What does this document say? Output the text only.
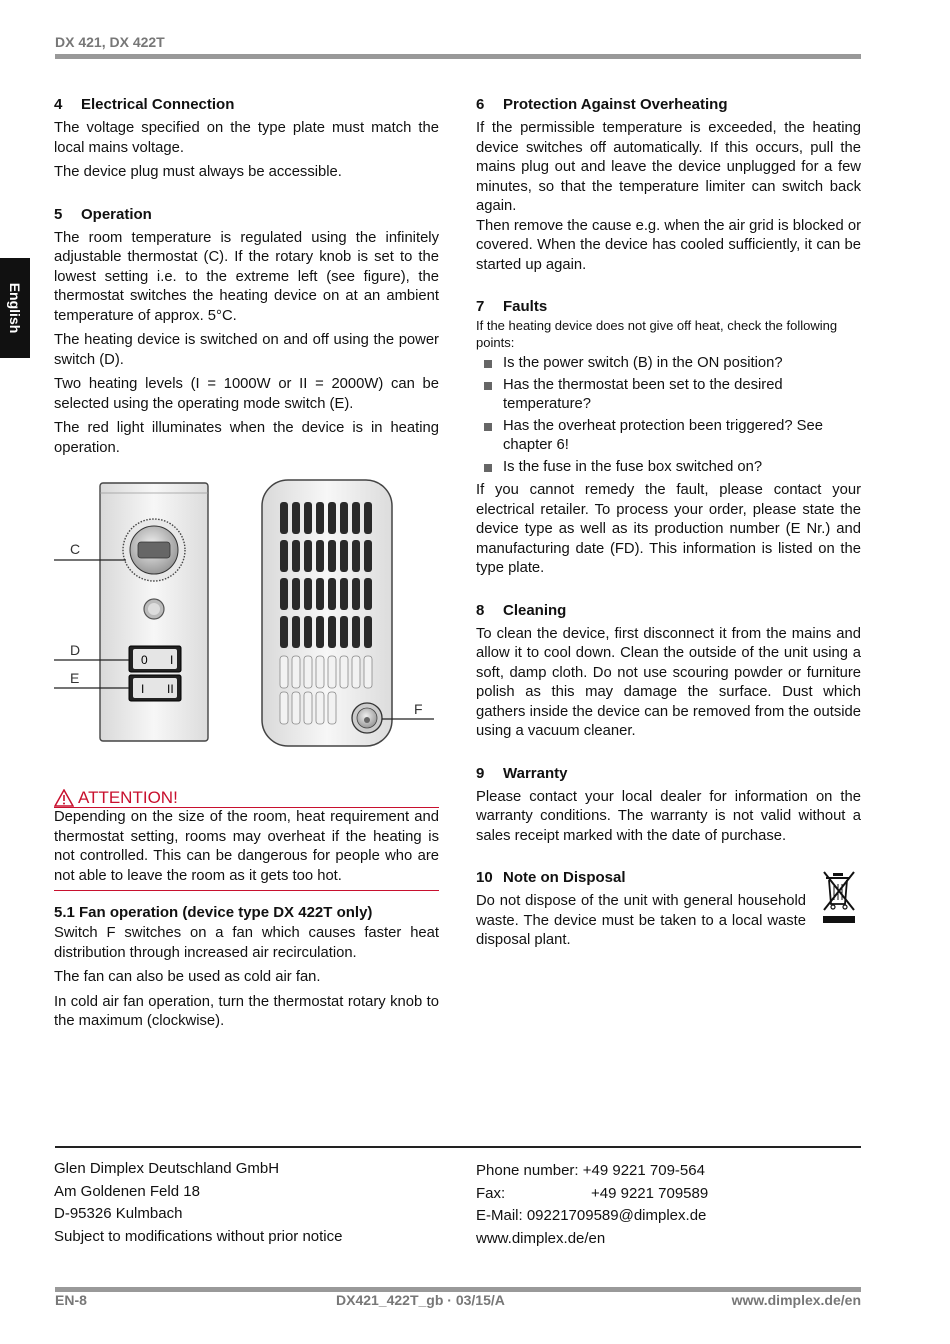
DX 421, DX 422T
English
4 Electrical Connection

The voltage specified on the type plate must match the local mains voltage.

The device plug must always be accessible.

5 Operation

The room temperature is regulated using the infinitely adjustable thermostat (C). If the rotary knob is set to the lowest setting i.e. to the extreme left (see figure), the thermostat switches the heating device on at an ambient temperature of approx. 5°C.

The heating device is switched on and off using the power switch (D).

Two heating levels (I = 1000W or II = 2000W) can be selected using the operating mode switch (E).

The red light illuminates when the device is in heating operation.

0 I
I II
C
D
E
F
ATTENTION!

Depending on the size of the room, heat requirement and thermostat setting, rooms may overheat if the heating is not controlled. This can be dangerous for people who are not able to leave the room as it gets too hot.

5.1 Fan operation (device type DX 422T only)

Switch F switches on a fan which causes faster heat distribution through increased air recirculation.

The fan can also be used as cold air fan.

In cold air fan operation, turn the thermostat rotary knob to the maximum (clockwise).

6 Protection Against Overheating

If the permissible temperature is exceeded, the heating device switches off automatically. If this occurs, pull the mains plug out and leave the device unplugged for a few minutes, so that the temperature limiter can switch back again.

Then remove the cause e.g. when the air grid is blocked or covered. When the device has cooled sufficiently, it can be started up again.

7 Faults

If the heating device does not give off heat, check the following points:

Is the power switch (B) in the ON position?
Has the thermostat been set to the desired temperature?
Has the overheat protection been triggered? See chapter 6!
Is the fuse in the fuse box switched on?

If you cannot remedy the fault, please contact your electrical retailer. To process your order, please state the device type as well as its production number (E Nr.) and manufacturing date (FD). This information is listed on the type plate.

8 Cleaning

To clean the device, first disconnect it from the mains and allow it to cool down. Clean the outside of the unit using a soft, damp cloth. Do not use scouring powder or furniture polish as this may damage the surface. Dust which gathers inside the device can be removed from the outside using a vacuum cleaner.

9 Warranty

Please contact your local dealer for information on the warranty conditions. The warranty is not valid without a sales receipt marked with the date of purchase.

10 Note on Disposal

Do not dispose of the unit with general household waste. The device must be taken to a local waste disposal plant.

Glen Dimplex Deutschland GmbH
Am Goldenen Feld 18
D-95326 Kulmbach
Subject to modifications without prior notice
Phone number: +49 9221 709-564
Fax:	+49 9221 709589
E-Mail: 09221709589@dimplex.de
www.dimplex.de/en
EN-8	DX421_422T_gb · 03/15/A	www.dimplex.de/en
